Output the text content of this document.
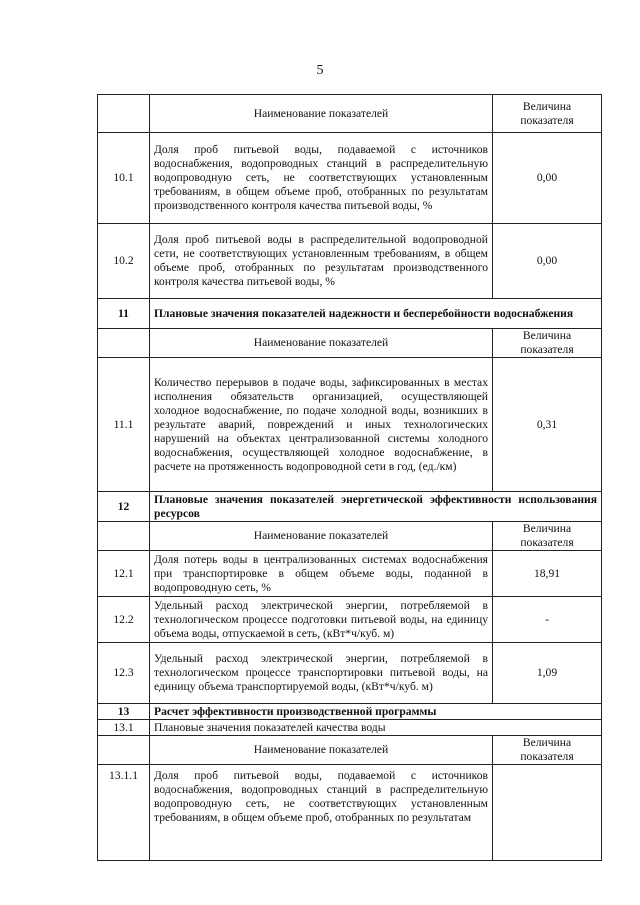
5
	Наименование показателей	Величина показателя
10.1	Доля проб питьевой воды, подаваемой с источников водоснабжения, водопроводных станций в распределительную водопроводную сеть, не соответствующих установленным требованиям, в общем объеме проб, отобранных по результатам производственного контроля качества питьевой воды, %	0,00
10.2	Доля проб питьевой воды в распределительной водопроводной сети, не соответствующих установленным требованиям, в общем объеме проб, отобранных по результатам производственного контроля качества питьевой воды, %	0,00
11	Плановые значения показателей надежности и бесперебойности водоснабжения	
	Наименование показателей	Величина показателя
11.1	Количество перерывов в подаче воды, зафиксированных в местах исполнения обязательств организацией, осуществляющей холодное водоснабжение, по подаче холодной воды, возникших в результате аварий, повреждений и иных технологических нарушений на объектах централизованной системы холодного водоснабжения, осуществляющей холодное водоснабжение, в расчете на протяженность водопроводной сети в год, (ед./км)	0,31
12	Плановые значения показателей энергетической эффективности использования ресурсов	
	Наименование показателей	Величина показателя
12.1	Доля потерь воды в централизованных системах водоснабжения при транспортировке в общем объеме воды, поданной в водопроводную сеть, %	18,91
12.2	Удельный расход электрической энергии, потребляемой в технологическом процессе подготовки питьевой воды, на единицу объема воды, отпускаемой в сеть, (кВт*ч/куб. м)	-
12.3	Удельный расход электрической энергии, потребляемой в технологическом процессе транспортировки питьевой воды, на единицу объема транспортируемой воды, (кВт*ч/куб. м)	1,09
13	Расчет эффективности производственной программы	
13.1	Плановые значения показателей качества воды	
	Наименование показателей	Величина показателя
13.1.1	Доля проб питьевой воды, подаваемой с источников водоснабжения, водопроводных станций в распределительную водопроводную сеть, не соответствующих установленным требованиям, в общем объеме проб, отобранных по результатам	
